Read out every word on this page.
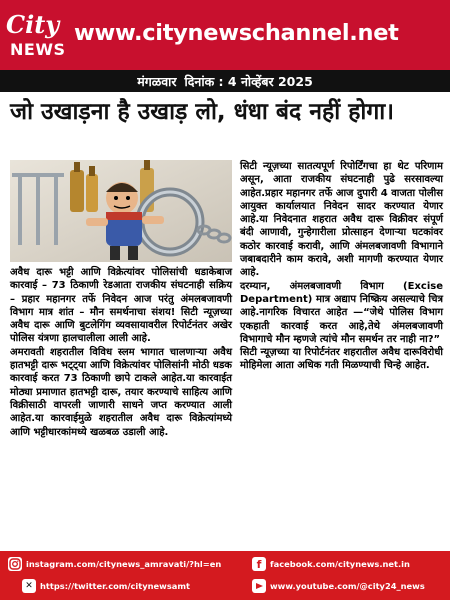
City
NEWS
www.citynewschannel.net
मंगळवार दिनांक : 4 नोव्हेंबर 2025
जो उखाड़ना है उखाड़ लो, धंधा बंद नहीं होगा।

अवैध दारू भट्टी आणि विक्रेत्यांवर पोलिसांची धडाकेबाज कारवाई – 73 ठिकाणी रेडआता राजकीय संघटनाही सक्रिय – प्रहार महानगर तर्फे निवेदन आज परंतु अंमलबजावणी विभाग मात्र शांत – मौन समर्थनाचा संशय! सिटी न्यूज़च्या अवैध दारू आणि बुटलेगिंग व्यवसायावरील रिपोर्टनंतर अखेर पोलिस यंत्रणा हालचालीला आली आहे.

अमरावती शहरातील विविध स्लम भागात चालणाऱ्या अवैध हातभट्टी दारू भट्ट्या आणि विक्रेत्यांवर पोलिसांनी मोठी धडक कारवाई करत 73 ठिकाणी छापे टाकले आहेत.या कारवाईत मोठ्या प्रमाणात हातभट्टी दारू, तयार करण्याचे साहित्य आणि विक्रीसाठी वापरली जाणारी साधने जप्त करण्यात आली आहेत.या कारवाईमुळे शहरातील अवैध दारू विक्रेत्यांमध्ये आणि भट्टीधारकांमध्ये खळबळ उडाली आहे.

सिटी न्यूज़च्या सातत्यपूर्ण रिपोर्टिंगचा हा थेट परिणाम असून, आता राजकीय संघटनाही पुढे सरसावल्या आहेत.प्रहार महानगर तर्फे आज दुपारी 4 वाजता पोलीस आयुक्त कार्यालयात निवेदन सादर करण्यात येणार आहे.या निवेदनात शहरात अवैध दारू विक्रीवर संपूर्ण बंदी आणावी, गुन्हेगारीला प्रोत्साहन देणाऱ्या घटकांवर कठोर कारवाई करावी, आणि अंमलबजावणी विभागाने जबाबदारीने काम करावे, अशी मागणी करण्यात येणार आहे.

दरम्यान, अंमलबजावणी विभाग (Excise Department) मात्र अद्याप निष्क्रिय असल्याचे चित्र आहे.नागरिक विचारत आहेत —“जेथे पोलिस विभाग एकहाती कारवाई करत आहे,तेथे अंमलबजावणी विभागाचे मौन म्हणजे त्यांचे मौन समर्थन तर नाही ना?”

सिटी न्यूज़च्या या रिपोर्टनंतर शहरातील अवैध दारूविरोधी मोहिमेला आता अधिक गती मिळण्याची चिन्हे आहेत.

instagram.com/citynews_amravati/?hl=en	f	facebook.com/citynews.net.in
✕ https://twitter.com/citynewsamt	www.youtube.com/@city24_news
